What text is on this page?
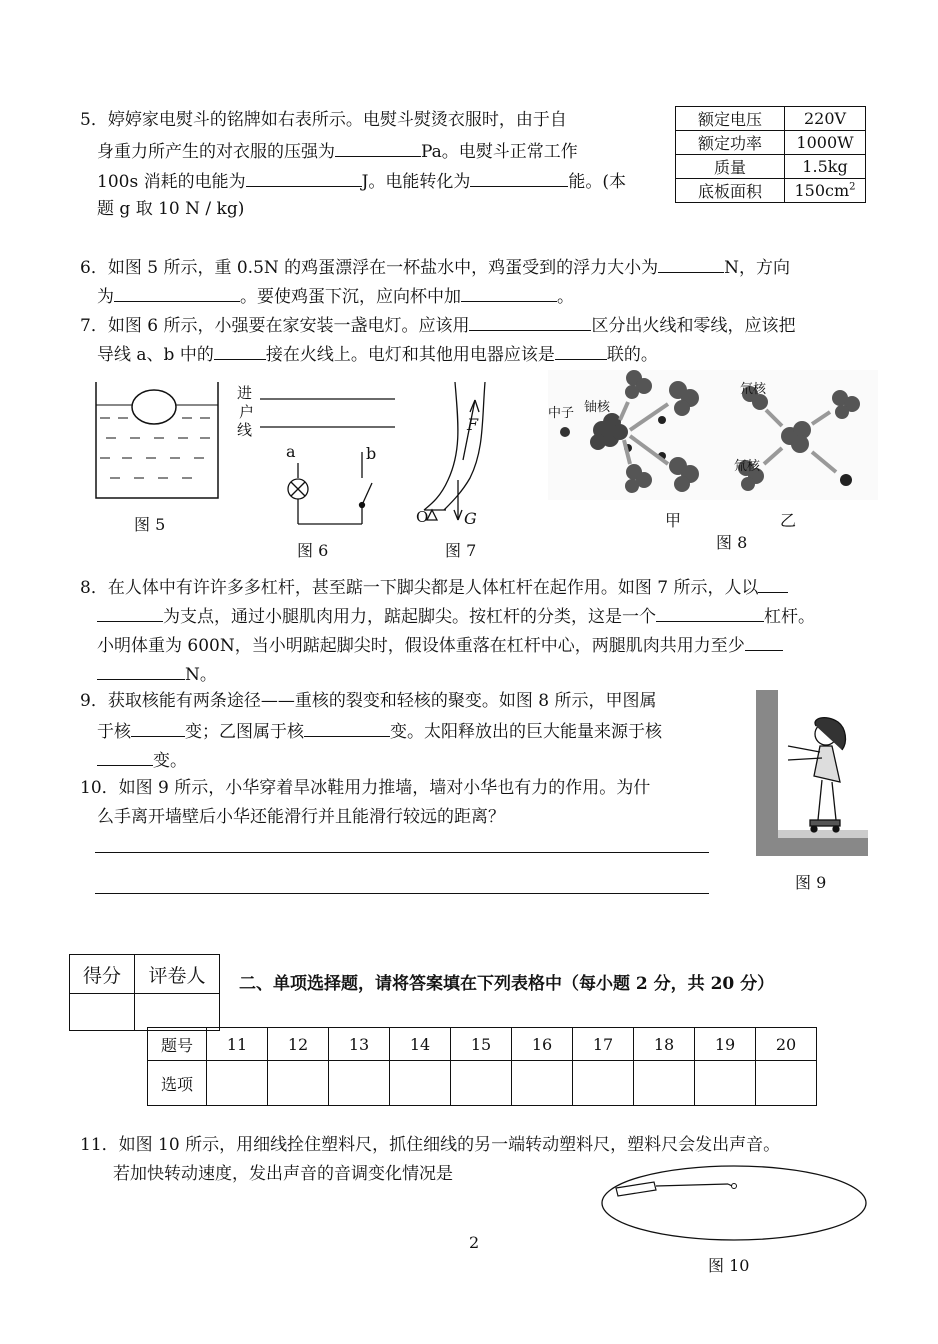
5．婷婷家电熨斗的铭牌如右表所示。电熨斗熨烫衣服时，由于自
身重力所产生的对衣服的压强为	Pa。电熨斗正常工作
100s 消耗的电能为	J。电能转化为	能。(本
题 g 取 10 N / kg)
额定电压	220V
额定功率	1000W
质量	1.5kg
底板面积	$150cm^2$
6．如图 5 所示，重 0.5N 的鸡蛋漂浮在一杯盐水中，鸡蛋受到的浮力大小为	N，方向
为	。要使鸡蛋下沉，应向杯中加	。
7．如图 6 所示，小强要在家安装一盏电灯。应该用	区分出火线和零线，应该把
导线 a、b 中的	接在火线上。电灯和其他用电器应该是	联的。
进
户
线
a	b
F
O G
中子 铀核
氘核
氚核
甲	乙
图 5
图 6	图 7	图 8
8．在人体中有许许多多杠杆，甚至踮一下脚尖都是人体杠杆在起作用。如图 7 所示，人以
为支点，通过小腿肌肉用力，踮起脚尖。按杠杆的分类，这是一个	杠杆。
小明体重为 600N，当小明踮起脚尖时，假设体重落在杠杆中心，两腿肌肉共用力至少
N。
9．获取核能有两条途径——重核的裂变和轻核的聚变。如图 8 所示，甲图属
于核	变；乙图属于核	变。太阳释放出的巨大能量来源于核
变。
10．如图 9 所示，小华穿着旱冰鞋用力推墙，墙对小华也有力的作用。为什
么手离开墙壁后小华还能滑行并且能滑行较远的距离？
图 9
得分	评卷人
	二、单项选择题，请将答案填在下列表格中（每小题 2 分，共 20 分）
题号	11	12	13	14	15	16	17	18	19	20
选项										
11．如图 10 所示，用细线拴住塑料尺，抓住细线的另一端转动塑料尺，塑料尺会发出声音。
若加快转动速度，发出声音的音调变化情况是
图 10
2
